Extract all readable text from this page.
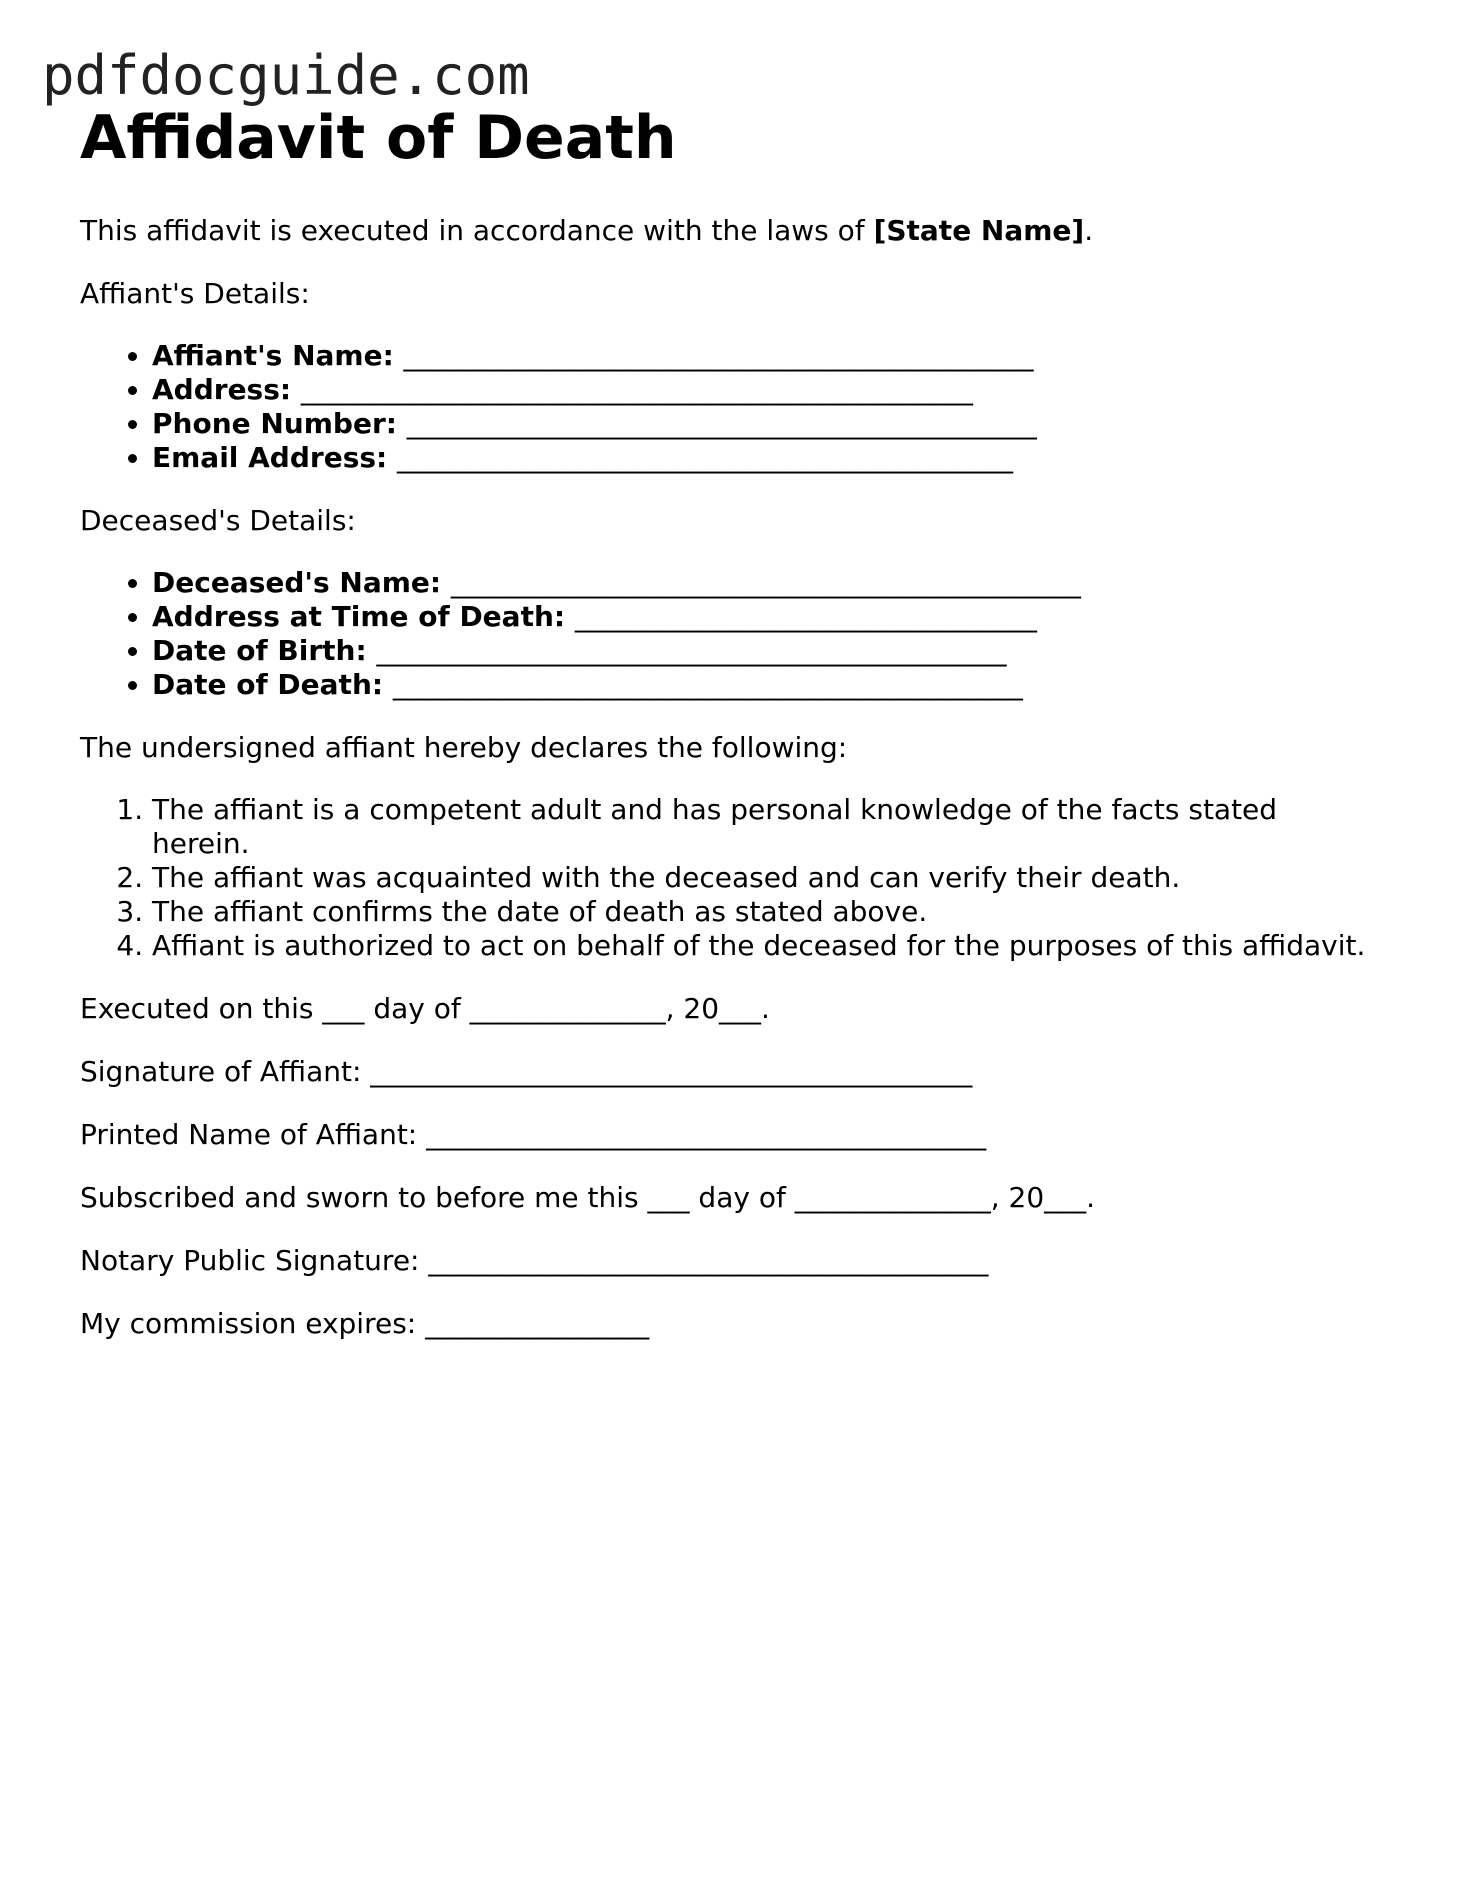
pdfdocguide.com
Affidavit of Death

This affidavit is executed in accordance with the laws of [State Name].

Affiant's Details:

• Affiant's Name: _____________________________________________
• Address: ________________________________________________
• Phone Number: _____________________________________________
• Email Address: ____________________________________________

Deceased's Details:

• Deceased's Name: _____________________________________________
• Address at Time of Death: _________________________________
• Date of Birth: _____________________________________________
• Date of Death: _____________________________________________

The undersigned affiant hereby declares the following:

1. The affiant is a competent adult and has personal knowledge of the facts stated herein.
2. The affiant was acquainted with the deceased and can verify their death.
3. The affiant confirms the date of death as stated above.
4. Affiant is authorized to act on behalf of the deceased for the purposes of this affidavit.

Executed on this ___ day of ______________, 20___.

Signature of Affiant: ___________________________________________

Printed Name of Affiant: ________________________________________

Subscribed and sworn to before me this ___ day of ______________, 20___.

Notary Public Signature: ________________________________________

My commission expires: ________________
